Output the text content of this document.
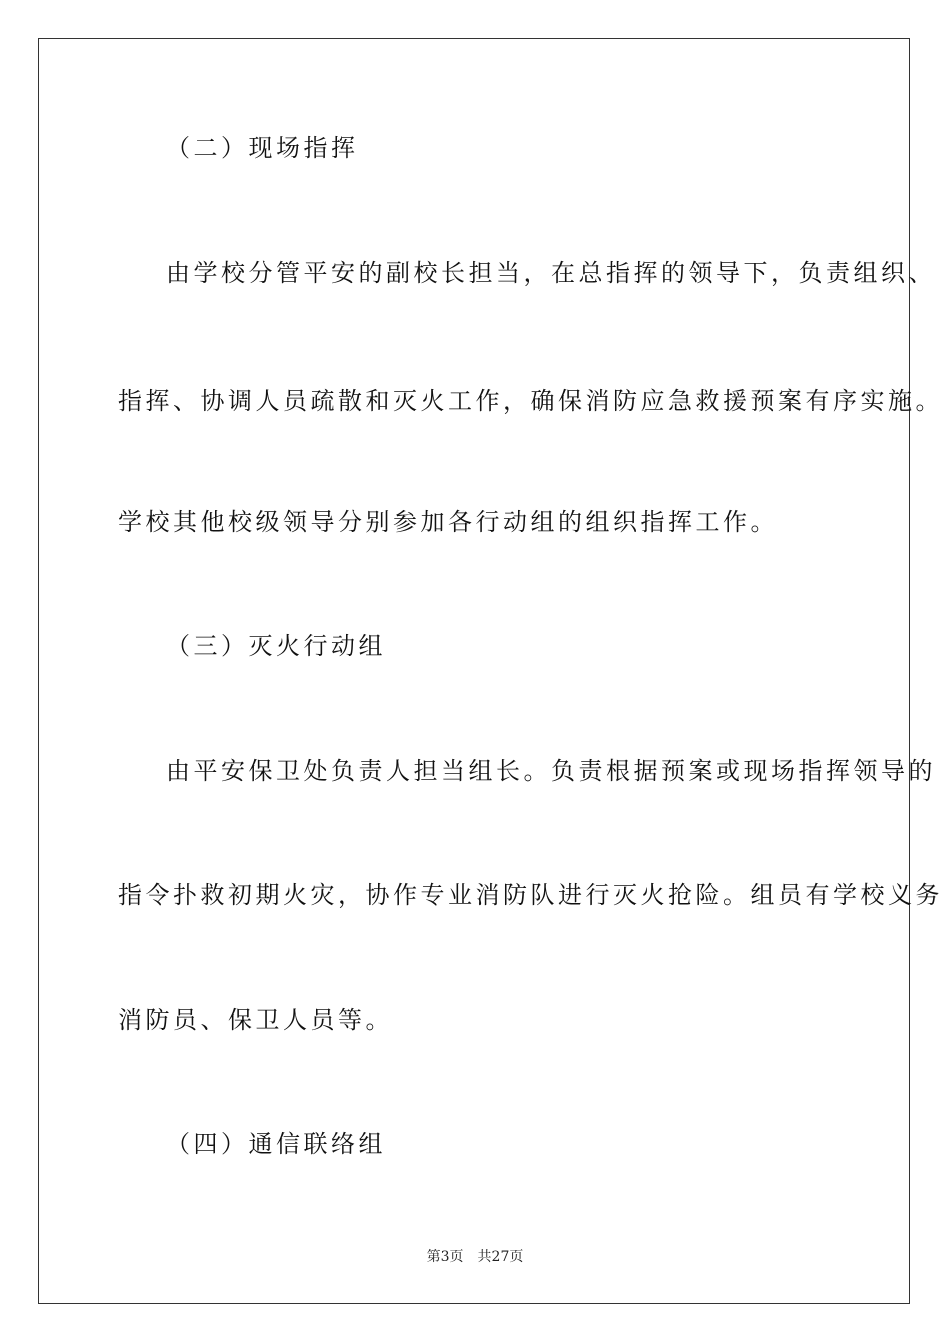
（二）现场指挥
由学校分管平安的副校长担当，在总指挥的领导下，负责组织、
指挥、协调人员疏散和灭火工作，确保消防应急救援预案有序实施。
学校其他校级领导分别参加各行动组的组织指挥工作。
（三）灭火行动组
由平安保卫处负责人担当组长。负责根据预案或现场指挥领导的
指令扑救初期火灾，协作专业消防队进行灭火抢险。组员有学校义务
消防员、保卫人员等。
（四）通信联络组
第3页 共27页
